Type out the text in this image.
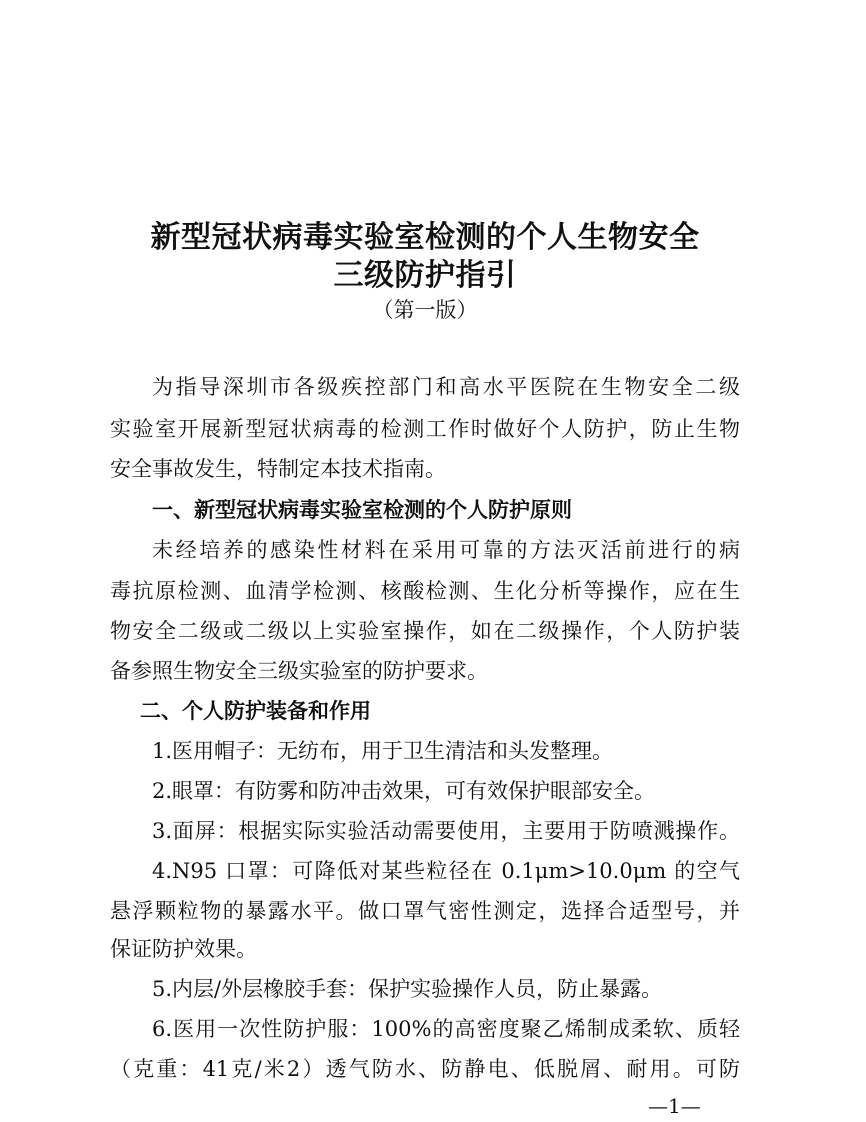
新型冠状病毒实验室检测的个人生物安全
三级防护指引
（第一版）
为指导深圳市各级疾控部门和高水平医院在生物安全二级
实验室开展新型冠状病毒的检测工作时做好个人防护，防止生物
安全事故发生，特制定本技术指南。
一、新型冠状病毒实验室检测的个人防护原则
未经培养的感染性材料在采用可靠的方法灭活前进行的病
毒抗原检测、血清学检测、核酸检测、生化分析等操作，应在生
物安全二级或二级以上实验室操作，如在二级操作，个人防护装
备参照生物安全三级实验室的防护要求。
二、个人防护装备和作用
1.医用帽子：无纺布，用于卫生清洁和头发整理。
2.眼罩：有防雾和防冲击效果，可有效保护眼部安全。
3.面屏：根据实际实验活动需要使用，主要用于防喷溅操作。
4.N95 口罩：可降低对某些粒径在 0.1μm>10.0μm 的空气
悬浮颗粒物的暴露水平。做口罩气密性测定，选择合适型号，并
保证防护效果。
5.内层/外层橡胶手套：保护实验操作人员，防止暴露。
6.医用一次性防护服：100%的高密度聚乙烯制成柔软、质轻
（克重：41克/米2）透气防水、防静电、低脱屑、耐用。可防
—1—
